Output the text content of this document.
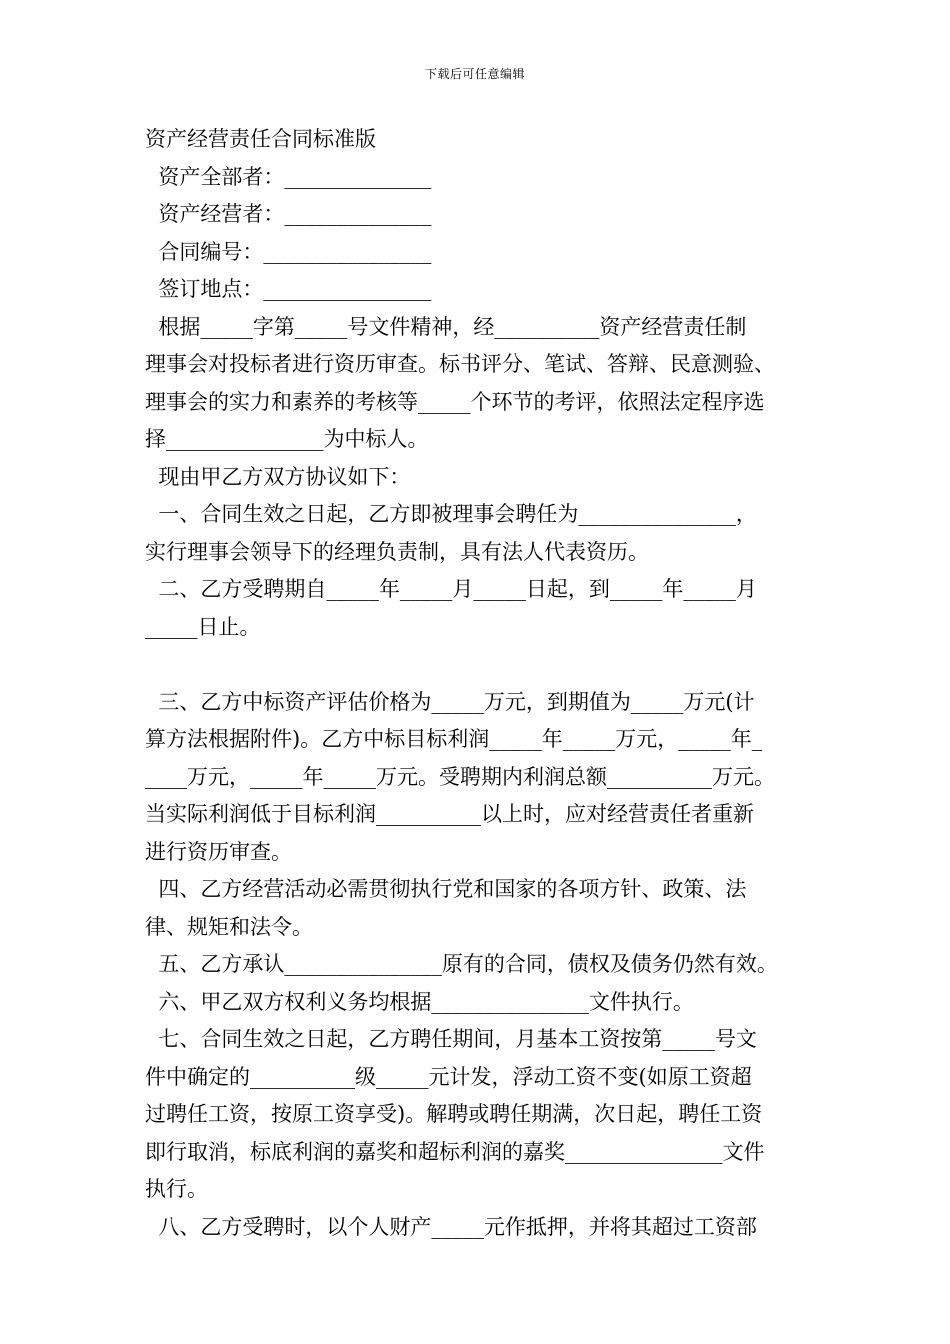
下载后可任意编辑
资产经营责任合同标准版
资产全部者：______________
资产经营者：______________
合同编号：________________
签订地点：________________
根据_____字第_____号文件精神，经__________资产经营责任制
理事会对投标者进行资历审查。标书评分、笔试、答辩、民意测验、
理事会的实力和素养的考核等_____个环节的考评，依照法定程序选
择_______________为中标人。
现由甲乙方双方协议如下：
一、合同生效之日起，乙方即被理事会聘任为_______________，
实行理事会领导下的经理负责制，具有法人代表资历。
二、乙方受聘期自_____年_____月_____日起，到_____年_____月
_____日止。
三、乙方中标资产评估价格为_____万元，到期值为_____万元(计
算方法根据附件)。乙方中标目标利润_____年_____万元，_____年_
____万元，_____年_____万元。受聘期内利润总额__________万元。
当实际利润低于目标利润__________以上时，应对经营责任者重新
进行资历审查。
四、乙方经营活动必需贯彻执行党和国家的各项方针、政策、法
律、规矩和法令。
五、乙方承认_______________原有的合同，债权及债务仍然有效。
六、甲乙双方权利义务均根据_______________文件执行。
七、合同生效之日起，乙方聘任期间，月基本工资按第_____号文
件中确定的__________级_____元计发，浮动工资不变(如原工资超
过聘任工资，按原工资享受)。解聘或聘任期满，次日起，聘任工资
即行取消，标底利润的嘉奖和超标利润的嘉奖_______________文件
执行。
八、乙方受聘时，以个人财产_____元作抵押，并将其超过工资部
